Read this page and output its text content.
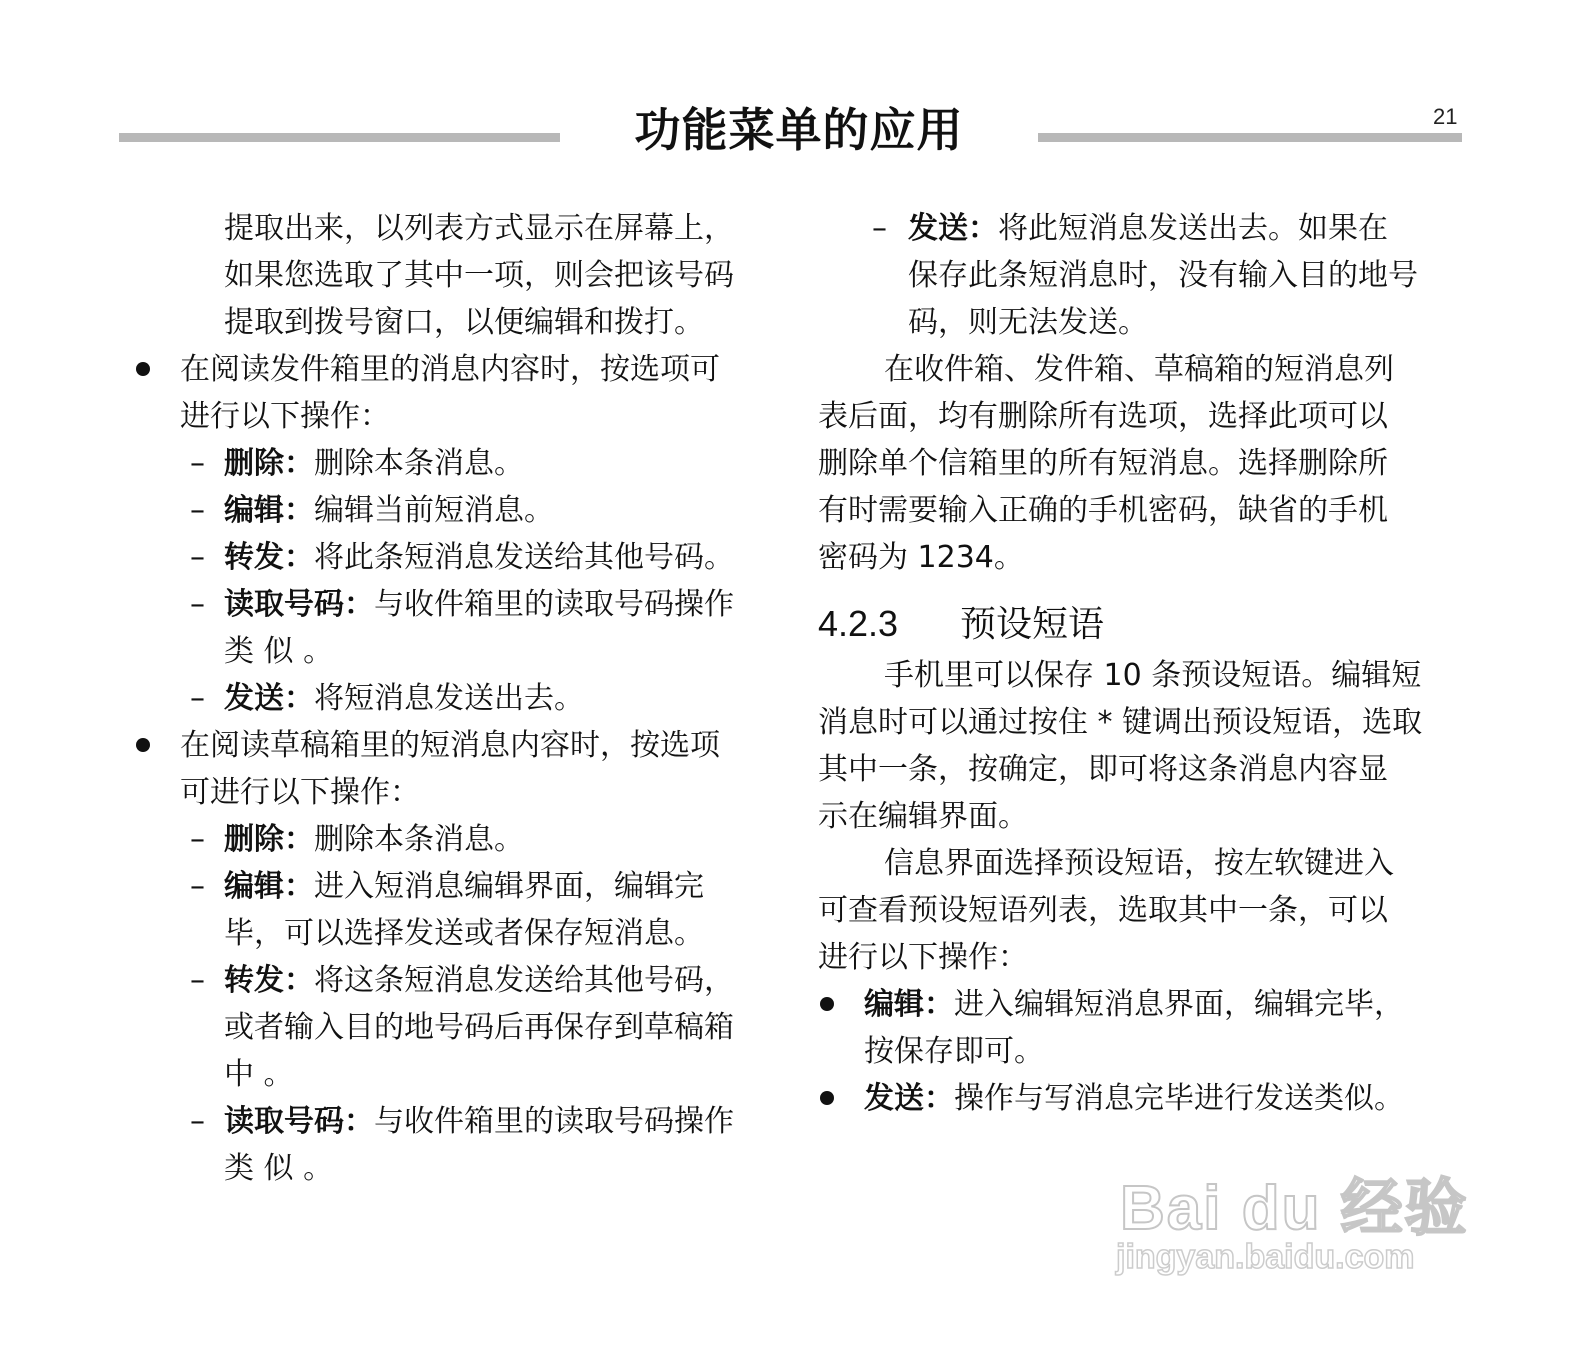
功能菜单的应用	21
提取出来，以列表方式显示在屏幕上，
如果您选取了其中一项，则会把该号码
提取到拨号窗口，以便编辑和拨打。
在阅读发件箱里的消息内容时，按选项可
进行以下操作：
– 删除：删除本条消息。
– 编辑：编辑当前短消息。
– 转发：将此条短消息发送给其他号码。
– 读取号码：与收件箱里的读取号码操作
类 似 。
– 发送：将短消息发送出去。
在阅读草稿箱里的短消息内容时，按选项
可进行以下操作：
– 删除：删除本条消息。
– 编辑：进入短消息编辑界面，编辑完
毕，可以选择发送或者保存短消息。
– 转发：将这条短消息发送给其他号码，
或者输入目的地号码后再保存到草稿箱
中 。
– 读取号码：与收件箱里的读取号码操作
类 似 。
– 发送：将此短消息发送出去。如果在
保存此条短消息时，没有输入目的地号
码，则无法发送。
在收件箱、发件箱、草稿箱的短消息列
表后面，均有删除所有选项，选择此项可以
删除单个信箱里的所有短消息。选择删除所
有时需要输入正确的手机密码，缺省的手机
密码为 1234。
4.2.3 预设短语
手机里可以保存 10 条预设短语。编辑短
消息时可以通过按住 * 键调出预设短语，选取
其中一条，按确定，即可将这条消息内容显
示在编辑界面。
信息界面选择预设短语，按左软键进入
可查看预设短语列表，选取其中一条，可以
进行以下操作：
编辑：进入编辑短消息界面，编辑完毕，
按保存即可。
发送：操作与写消息完毕进行发送类似。
Bai du 经验
jingyan.baidu.com
